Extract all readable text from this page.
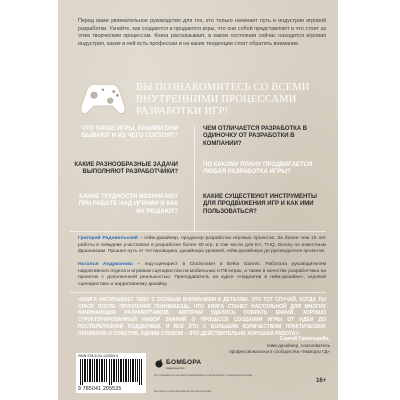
Перед вами увлекательное руководство для тех, кто только начинает путь в индустрии игровой разработки. Узнайте, как создаются и продаются игры, что они собой представляют и что стоит за этим творческим процессом. Книга рассказывает, в каком состоянии сейчас находится игровая индустрия, какие в ней есть профессии и на какие тенденции стоит обратить внимание.
ВЫ ПОЗНАКОМИТЕСЬ СО ВСЕМИ ВНУТРЕННИМИ ПРОЦЕССАМИ РАЗРАБОТКИ ИГР!
ЧТО ТАКОЕ ИГРЫ, КАКИМИ ОНИ БЫВАЮТ И ИЗ ЧЕГО СОСТОЯТ?
ЧЕМ ОТЛИЧАЕТСЯ РАЗРАБОТКА В ОДИНОЧКУ ОТ РАЗРАБОТКИ В КОМПАНИИ?
КАКИЕ РАЗНООБРАЗНЫЕ ЗАДАЧИ ВЫПОЛНЯЮТ РАЗРАБОТЧИКИ?
ПО КАКОМУ ПЛАНУ ПРОДВИГАЕТСЯ ЛЮБАЯ РАЗРАБОТКА ИГРЫ?
КАКИЕ ТРУДНОСТИ ВОЗНИКАЮТ ПРИ РАБОТЕ НАД ИГРАМИ И КАК ИХ РЕШАЮТ?
КАКИЕ СУЩЕСТВУЮТ ИНСТРУМЕНТЫ ДЛЯ ПРОДВИЖЕНИЯ ИГР И КАК ИМИ ПОЛЬЗОВАТЬСЯ?
Григорий Радовильский – гейм-дизайнер, продюсер разработки игровых проектов. За более чем 15 лет работы в геймдеве участвовал в разработке более 40 игр, в том числе для EA, THQ, Disney по известным франшизам. Прошел путь от тестировщика, дизайнера уровней, гейм-дизайнера до руководителя проектов.
Наталья Андрианова – лид-сценарист в Clockmaker в Belka Games. Работала руководителем нарративного отдела и игровым сценаристом на мобильных и ПК-играх, а также в качестве разработчика на проектах с дополненной реальностью. Преподаватель на курсе «Нарратив в гейм-дизайне», игровой сценаристике и нарративному дизайну.
«КНИГА РАСКРЫВАЕТ ТЕМУ С ОСОБЫМ ВНИМАНИЕМ К ДЕТАЛЯМ. ЭТО ТОТ СЛУЧАЙ, КОГДА ТЫ СРАЗУ ПОСЛЕ ПРОЧТЕНИЯ ПОНИМАЕШЬ, ЧТО КНИГА СТАНЕТ НАСТОЛЬНОЙ ДЛЯ МНОГИХ НАЧИНАЮЩИХ РАЗРАБОТЧИКОВ. АВТОРАМ УДАЛОСЬ СОБРАТЬ ЕМКИЙ, ХОРОШО СТРУКТУРИРОВАННЫЙ НАБОР ЗНАНИЙ О ПРОЦЕССЕ СОЗДАНИЯ ИГРЫ ОТ ИДЕИ ДО ПОСТЕРЕЛИЗНОЙ ПОДДЕРЖКИ. И ВСЕ ЭТО С БОЛЬШИМ КОЛИЧЕСТВОМ ПРАКТИЧЕСКИХ ПРИМЕРОВ И СОВЕТОВ. ОДНИМ СЛОВОМ – ЭТО ДЕЙСТВИТЕЛЬНО ХОРОШАЯ РАБОТА!»
Сергей Гимельрейх,
гейм-дизайнер, сооснователь профессионального сообщества «Мажоры ГД»
ISBN 978-5-04-120553-5
9 785041 205535
БОМБОРА
издательство
16+ Издание не подлежит маркировке в соответствии с законодательством
bombora.ru bomborabooks bombora.books
16+
